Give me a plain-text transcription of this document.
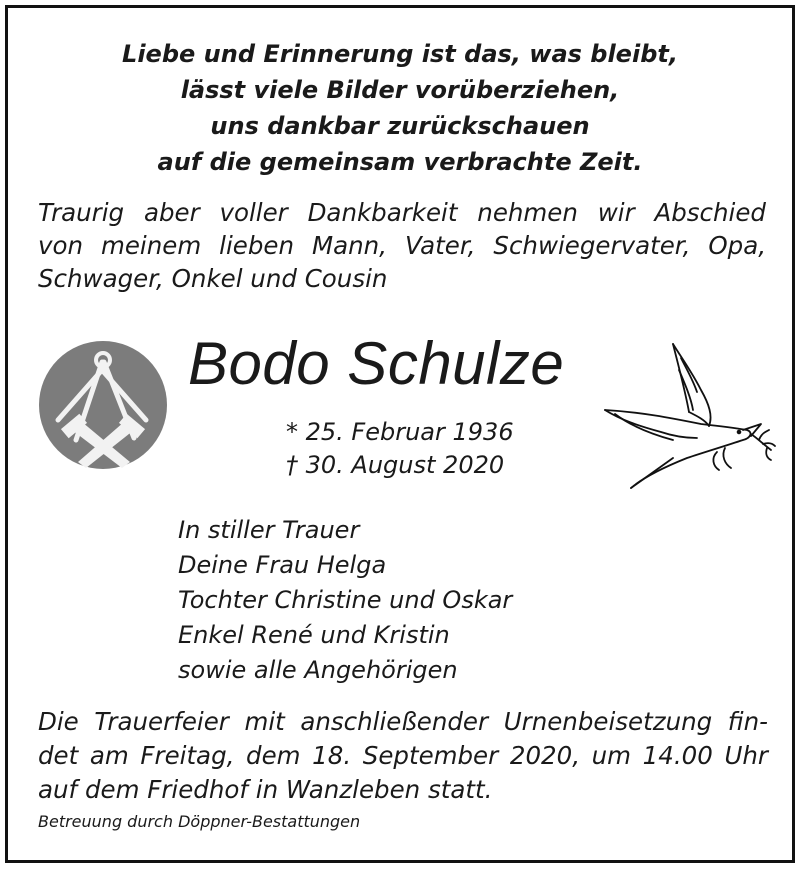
Liebe und Erinnerung ist das, was bleibt,
lässt viele Bilder vorüberziehen,
uns dankbar zurückschauen
auf die gemeinsam verbrachte Zeit.
Traurig aber voller Dankbarkeit nehmen wir Abschied
von meinem lieben Mann, Vater, Schwiegervater, Opa,
Schwager, Onkel und Cousin
Bodo Schulze
* 25. Februar 1936
† 30. August 2020
In stiller Trauer
Deine Frau Helga
Tochter Christine und Oskar
Enkel René und Kristin
sowie alle Angehörigen
Die Trauerfeier mit anschließender Urnenbeisetzung fin-
det am Freitag, dem 18. September 2020, um 14.00 Uhr
auf dem Friedhof in Wanzleben statt.
Betreuung durch Döppner-Bestattungen
